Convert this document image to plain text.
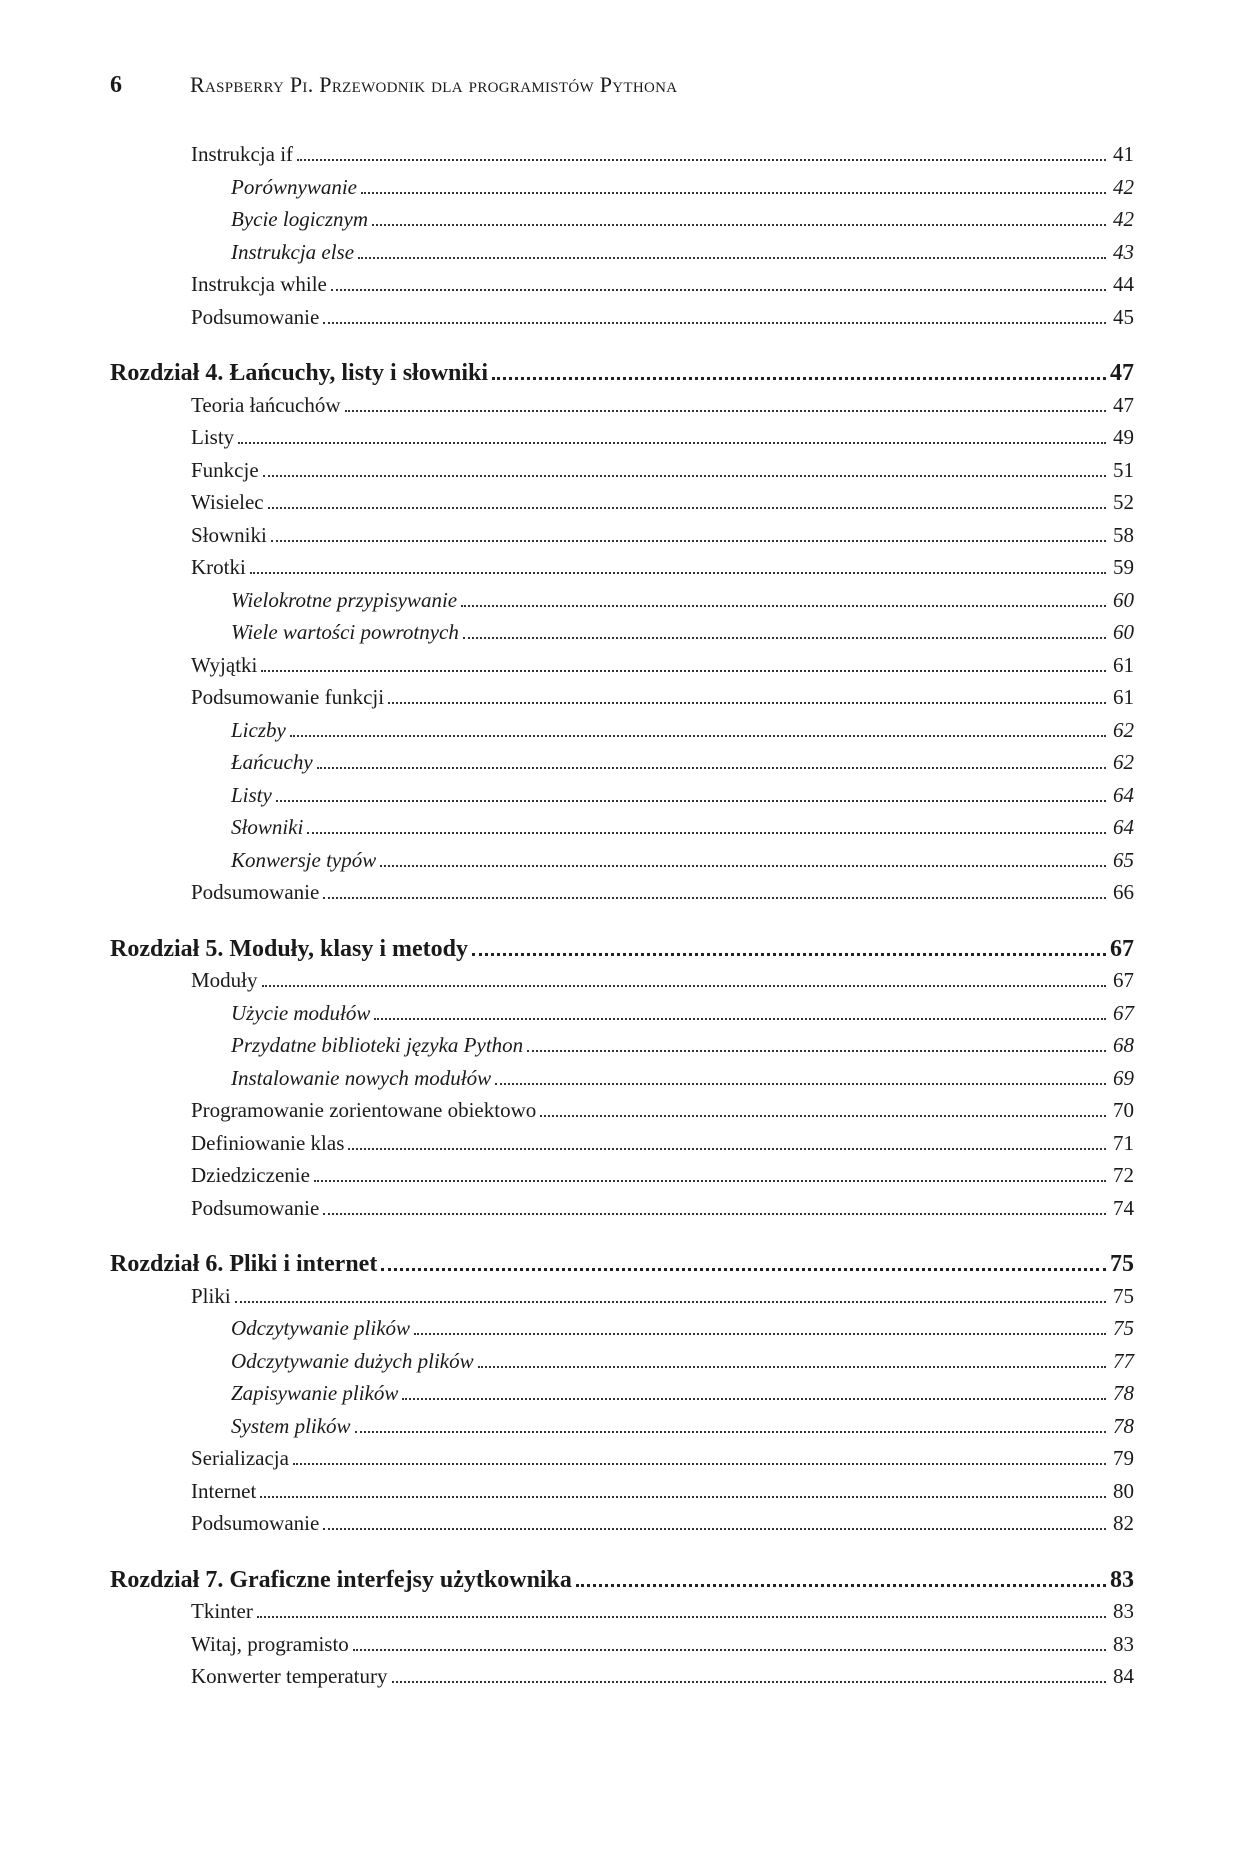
6	Raspberry Pi. Przewodnik dla programistów Pythona
Instrukcja if	41
Porównywanie	42
Bycie logicznym	42
Instrukcja else	43
Instrukcja while	44
Podsumowanie	45
Rozdział 4. Łańcuchy, listy i słowniki	47
Teoria łańcuchów	47
Listy	49
Funkcje	51
Wisielec	52
Słowniki	58
Krotki	59
Wielokrotne przypisywanie	60
Wiele wartości powrotnych	60
Wyjątki	61
Podsumowanie funkcji	61
Liczby	62
Łańcuchy	62
Listy	64
Słowniki	64
Konwersje typów	65
Podsumowanie	66
Rozdział 5. Moduły, klasy i metody	67
Moduły	67
Użycie modułów	67
Przydatne biblioteki języka Python	68
Instalowanie nowych modułów	69
Programowanie zorientowane obiektowo	70
Definiowanie klas	71
Dziedziczenie	72
Podsumowanie	74
Rozdział 6. Pliki i internet	75
Pliki	75
Odczytywanie plików	75
Odczytywanie dużych plików	77
Zapisywanie plików	78
System plików	78
Serializacja	79
Internet	80
Podsumowanie	82
Rozdział 7. Graficzne interfejsy użytkownika	83
Tkinter	83
Witaj, programisto	83
Konwerter temperatury	84
